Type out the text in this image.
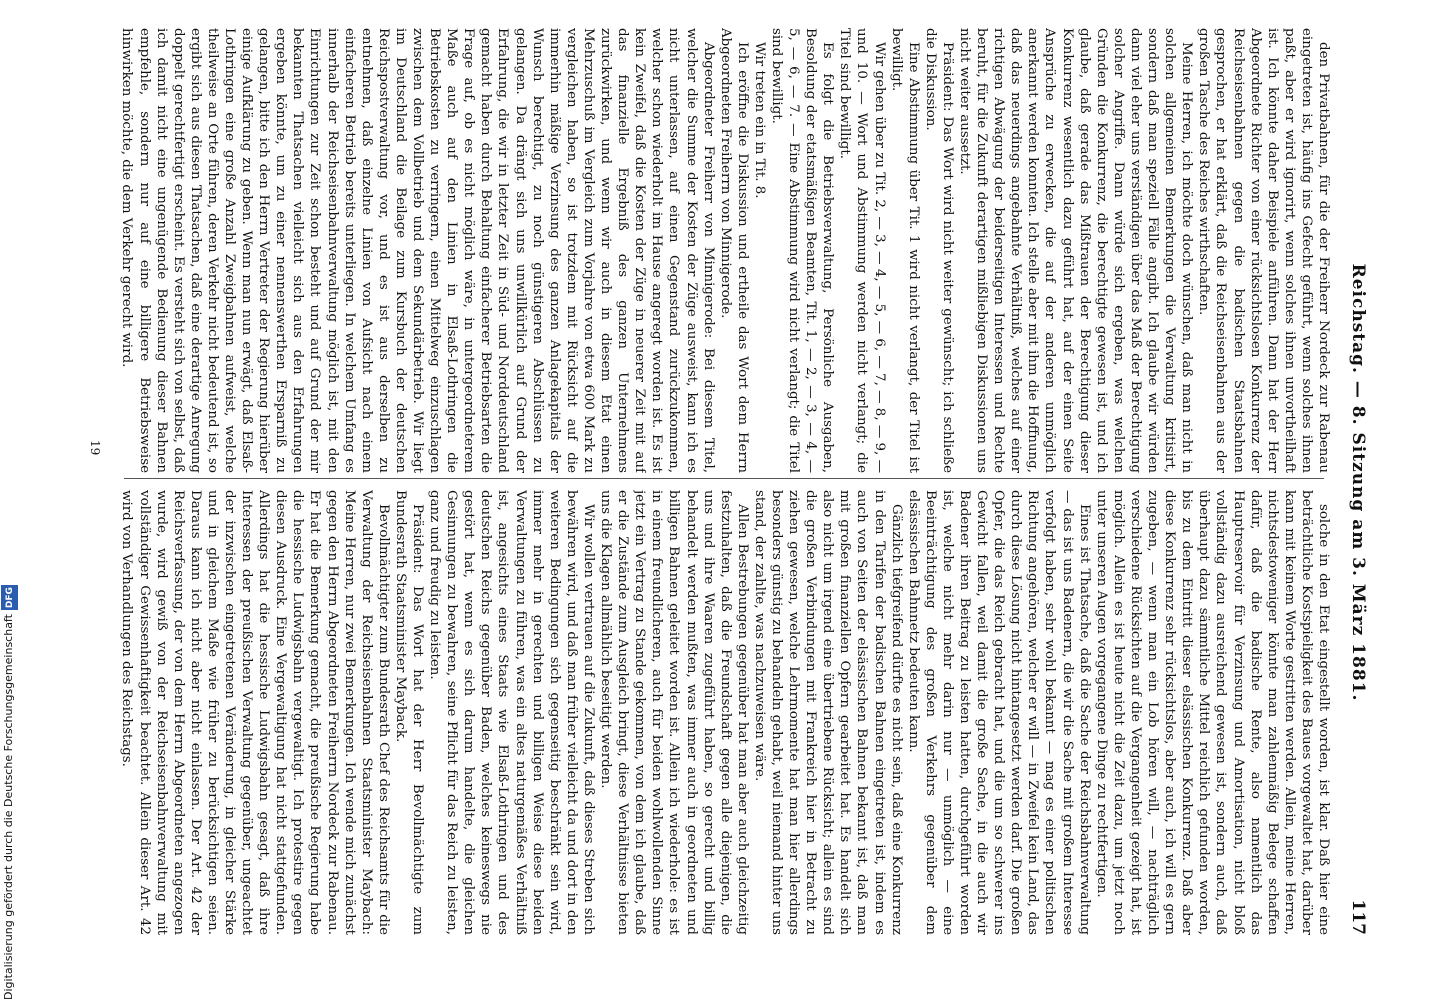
Reichstag. — 8. Sitzung am 3. März 1881.
117

den Privatbahnen, für die der Freiherr Nordeck zur Rabenau eingetreten ist, häufig ins Gefecht geführt, wenn solches ihnen paßt, aber er wird ignorirt, wenn solches ihnen unvortheilhaft ist. Ich könnte daher Beispiele anführen. Dann hat der Herr Abgeordnete Richter von einer rücksichtslosen Konkurrenz der Reichseisenbahnen gegen die badischen Staatsbahnen gesprochen, er hat erklärt, daß die Reichseisenbahnen aus der großen Tasche des Reiches wirthschaften.

Meine Herren, ich möchte doch wünschen, daß man nicht in solchen allgemeinen Bemerkungen die Verwaltung kritisirt, sondern daß man speziell Fälle angibt. Ich glaube wir würden dann viel eher uns verständigen über das Maß der Berechtigung solcher Angriffe. Dann würde sich ergeben, was welchen Gründen die Konkurrenz, die berechtigte gewesen ist, und ich glaube, daß gerade das Mißtrauen der Berechtigung dieser Konkurrenz wesentlich dazu geführt hat, auf der einen Seite Ansprüche zu erwecken, die auf der anderen unmöglich anerkannt werden konnten. Ich stelle aber mit ihm die Hoffnung, daß das neuerdings angebahnte Verhältniß, welches auf einer richtigen Abwägung der beiderseitigen Interessen und Rechte beruht, für die Zukunft derartigen mißliebigen Diskussionen uns nicht weiter aussetzt.

Präsident: Das Wort wird nicht weiter gewünscht; ich schließe die Diskussion.

Eine Abstimmung über Tit. 1 wird nicht verlangt, der Titel ist bewilligt.

Wir gehen über zu Tit. 2, — 3, — 4, — 5, — 6, — 7, — 8, — 9, — und 10. — Wort und Abstimmung werden nicht verlangt; die Titel sind bewilligt.

Es folgt die Betriebsverwaltung, Persönliche Ausgaben, Besoldung der etatsmäßigen Beamten, Tit. 1, — 2, — 3, — 4, — 5, — 6, — 7. — Eine Abstimmung wird nicht verlangt; die Titel sind bewilligt.

Wir treten ein in Tit. 8.

Ich eröffne die Diskussion und ertheile das Wort dem Herrn Abgeordneten Freiherrn von Minnigerode.

Abgeordneter Freiherr von Minnigerode: Bei diesem Titel, welcher die Summe der Kosten der Züge ausweist, kann ich es nicht unterlassen, auf einen Gegenstand zurückzukommen, welcher schon wiederholt im Hause angeregt worden ist. Es ist kein Zweifel, daß die Kosten der Züge in neuerer Zeit mit auf das finanzielle Ergebniß des ganzen Unternehmens zurückwirken, und wenn wir auch in diesem Etat einen Mehrzuschuß im Vergleich zum Vorjahre von etwa 600 Mark zu vergleichen haben, so ist trotzdem mit Rücksicht auf die immerhin mäßige Verzinsung des ganzen Anlagekapitals der Wunsch berechtigt, zu noch günstigeren Abschlüssen zu gelangen. Da drängt sich uns unwillkürlich auf Grund der Erfahrung, die wir in letzter Zeit in Süd- und Norddeutschland gemacht haben durch Behaltung einfacherer Betriebsarten die Frage auf, ob es nicht möglich wäre, in untergeordneterem Maße auch auf den Linien in Elsaß-Lothringen die Betriebskosten zu verringern, einen Mittelweg einzuschlagen zwischen dem Vollbetrieb und dem Sekundärbetrieb. Wir liegt im Deutschland die Beilage zum Kursbuch der deutschen Reichspostverwaltung vor, und es ist aus derselben zu entnehmen, daß einzelne Linien von Aufsicht nach einem einfacheren Betrieb bereits unterliegen. In welchem Umfang es innerhalb der Reichseisenbahnverwaltung möglich ist, mit den Einrichtungen zur Zeit schon besteht und auf Grund der mir bekannten Thatsachen vielleicht sich aus den Erfahrungen ergeben könnte, um zu einer nennenswerthen Ersparniß zu gelangen, bitte ich den Herrn Vertreter der Regierung hierüber einige Aufklärung zu geben. Wenn man nun erwägt, daß Elsaß-Lothringen eine große Anzahl Zweigbahnen aufweist, welche theilweise an Orte führen, deren Verkehr nicht bedeutend ist, so ergibt sich aus diesen Thatsachen, daß eine derartige Anregung doppelt gerechtfertigt erscheint. Es versteht sich von selbst, daß ich damit nicht eine ungenügende Bedienung dieser Bahnen empfehle, sondern nur auf eine billigere Betriebsweise hinwirken möchte, die dem Verkehr gerecht wird.

solche in den Etat eingestellt worden, ist klar. Daß hier eine beträchtliche Kostspieligkeit des Baues vorgewaltet hat, darüber kann mit keinem Worte gestritten werden. Allein, meine Herren, nichtsdestoweniger könnte man zahlenmäßig Belege schaffen dafür, daß die badische Rente, also namentlich das Hauptreservoir für Verzinsung und Amortisation, nicht bloß vollständig dazu ausreichend gewesen ist, sondern auch, daß überhaupt dazu sämmtliche Mittel reichlich gefunden worden, bis zu dem Eintritt dieser elsässischen Konkurrenz. Daß aber diese Konkurrenz sehr rücksichtslos, aber auch, ich will es gern zugeben, — wenn man ein Lob hören will, — nachträglich verschiedene Rücksichten auf die Vergangenheit gezeigt hat, ist möglich. Allein es ist heute nicht die Zeit dazu, um jetzt noch unter unseren Augen vorgegangene Dinge zu rechtfertigen.

Eines ist Thatsache, daß die Sache der Reichsbahnverwaltung — das ist uns Badenern, die wir die Sache mit großem Interesse verfolgt haben, sehr wohl bekannt — mag es einer politischen Richtung angehören, welcher er will — in Zweifel kein Land, das durch diese Lösung nicht hintangesetzt werden darf. Die großen Opfer, die das Reich gebracht hat, und die um so schwerer ins Gewicht fallen, weil damit die große Sache, in die auch wir Badener ihren Beitrag zu leisten hatten, durchgeführt worden ist, welche nicht mehr darin nur — unmöglich — eine Beeinträchtigung des großen Verkehrs gegenüber dem elsässischen Bahnnetz bedeuten kann.

Gänzlich tiefgreifend dürfte es nicht sein, daß eine Konkurrenz in den Tarifen der badischen Bahnen eingetreten ist, indem es auch von Seiten der elsässischen Bahnen bekannt ist, daß man mit großen finanziellen Opfern gearbeitet hat. Es handelt sich also nicht um irgend eine übertriebene Rücksicht; allein es sind die großen Verbindungen mit Frankreich hier in Betracht zu ziehen gewesen, welche Lehrmomente hat man hier allerdings besonders günstig zu behandeln gehabt, weil niemand hinter uns stand, der zahlte, was nachzuweisen wäre.

Allen Bestrebungen gegenüber hat man aber auch gleichzeitig festzuhalten, daß die Freundschaft gegen alle diejenigen, die uns und ihre Waaren zugeführt haben, so gerecht und billig behandelt werden mußten, was immer auch in geordneten und billigen Bahnen geleitet worden ist. Allein ich wiederhole: es ist in einem freundlicheren, auch für beiden wohlwollenden Sinne jetzt ein Vertrag zu Stande gekommen, von dem ich glaube, daß er die Zustände zum Ausgleich bringt, diese Verhältnisse bieten uns die Klagen allmählich beseitigt werden.

Wir wollen vertrauen auf die Zukunft, daß dieses Streben sich bewähren wird, und daß man früher vielleicht da und dort in den weiteren Bedingungen sich gegenseitig beschränkt sein wird, immer mehr in gerechten und billigen Weise diese beiden Verwaltungen zu führen, was ein altes naturgemäßes Verhältniß ist, angesichts eines Staats wie Elsaß-Lothringen und des deutschen Reichs gegenüber Baden, welches keineswegs nie gestört hat, wenn es sich darum handelte, die gleichen Gesinnungen zu bewahren, seine Pflicht für das Reich zu leisten, ganz und freudig zu leisten.

Präsident: Das Wort hat der Herr Bevollmächtigte zum Bundesrath Staatsminister Mayback.

Bevollmächtigter zum Bundesrath Chef des Reichsamts für die Verwaltung der Reichseisenbahnen Staatsminister Maybach: Meine Herren, nur zwei Bemerkungen. Ich wende mich zunächst gegen den Herrn Abgeordneten Freiherrn Nordeck zur Rabenau. Er hat die Bemerkung gemacht, die preußische Regierung habe die hessische Ludwigsbahn vergewaltigt. Ich protestire gegen diesen Ausdruck. Eine Vergewaltigung hat nicht stattgefunden. Allerdings hat die hessische Ludwigsbahn gesagt, daß ihre Interessen der preußischen Verwaltung gegenüber, ungeachtet der inzwischen eingetretenen Veränderung, in gleicher Stärke und in gleichem Maße wie früher zu berücksichtigen seien. Daraus kann ich nicht aber nicht einlassen. Der Art. 42 der Reichsverfassung, der von dem Herrn Abgeordneten angezogen wurde, wird gewiß von der Reichseisenbahnverwaltung mit vollständiger Gewissenhaftigkeit beachtet. Allein dieser Art. 42 wird von Verhandlungen des Reichstags.

19
Digitalisierung gefördert durch die Deutsche ForschungsgemeinschaftDFG
